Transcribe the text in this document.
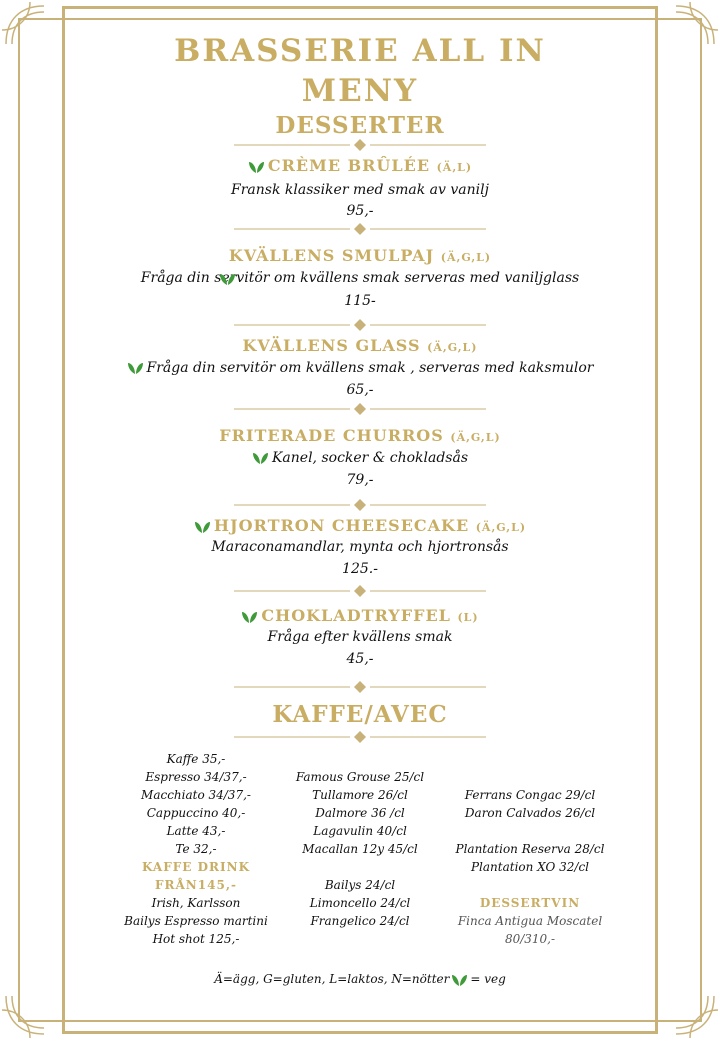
BRASSERIE ALL IN
MENY
DESSERTER
CRÈME BRÛLÉE (Ä,L)
Fransk klassiker med smak av vanilj
95,-
KVÄLLENS SMULPAJ (Ä,G,L)
Fråga din servitör om kvällens smak serveras med vaniljglass
115-
KVÄLLENS GLASS (Ä,G,L)
Fråga din servitör om kvällens smak , serveras med kaksmulor
65,-
FRITERADE CHURROS (Ä,G,L)
Kanel, socker & chokladsås
79,-
HJORTRON CHEESECAKE (Ä,G,L)
Maraconamandlar, mynta och hjortronsås
125.-
CHOKLADTRYFFEL (L)
Fråga efter kvällens smak
45,-
KAFFE/AVEC
Kaffe 35,-
Espresso 34/37,-
Macchiato 34/37,-
Cappuccino 40,-
Latte 43,-
Te 32,-
KAFFE DRINK FRÅN145,-
Irish, Karlsson
Bailys Espresso martini
Hot shot 125,-
Famous Grouse 25/cl
Tullamore 26/cl
Dalmore 36 /cl
Lagavulin 40/cl
Macallan 12y 45/cl
Bailys 24/cl
Limoncello 24/cl
Frangelico 24/cl
Ferrans Congac 29/cl
Daron Calvados 26/cl
Plantation Reserva 28/cl
Plantation XO 32/cl
DESSERTVIN
Finca Antigua Moscatel
80/310,-
Ä=ägg, G=gluten, L=laktos, N=nötter = veg
